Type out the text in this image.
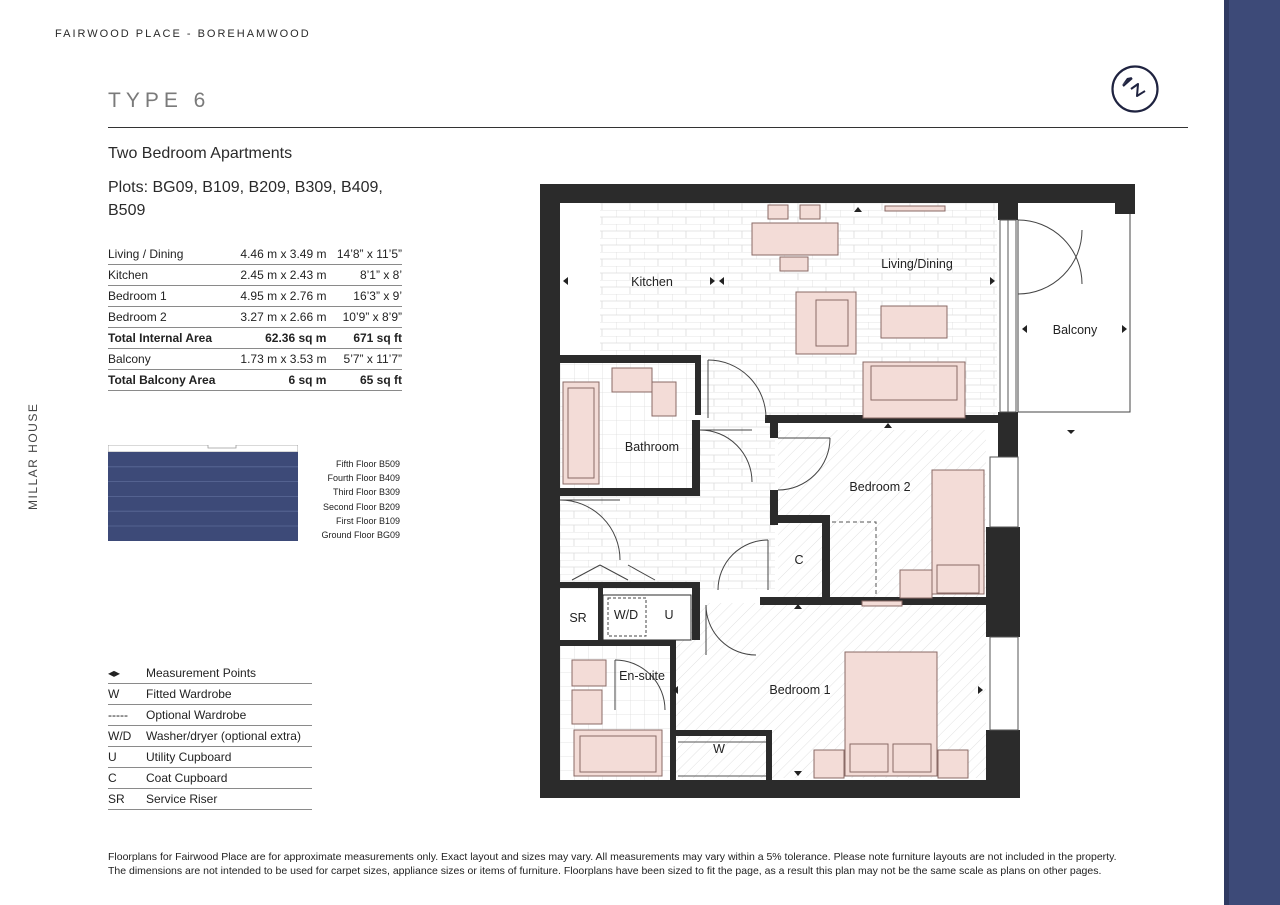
FAIRWOOD PLACE - BOREHAMWOOD
TYPE 6
Two Bedroom Apartments
Plots: BG09, B109, B209, B309, B409, B509
Living / Dining	4.46 m x 3.49 m	14’8” x 11’5”
Kitchen	2.45 m x 2.43 m	8’1” x 8’
Bedroom 1	4.95 m x 2.76 m	16’3” x 9’
Bedroom 2	3.27 m x 2.66 m	10’9” x 8’9”
Total Internal Area	62.36 sq m	671 sq ft
Balcony	1.73 m x 3.53 m	5’7” x 11’7”
Total Balcony Area	6 sq m	65 sq ft
MILLAR HOUSE	Fifth Floor B509
Fourth Floor B409
Third Floor B309
Second Floor B209
First Floor B109
Ground Floor BG09
Kitchen
Living/Dining
Balcony
Bathroom
Bedroom 2
C
SR W/D U
En-suite
Bedroom 1
W
◂▸	Measurement Points
W	Fitted Wardrobe
-----	Optional Wardrobe
W/D	Washer/dryer (optional extra)
U	Utility Cupboard
C	Coat Cupboard
SR	Service Riser
Floorplans for Fairwood Place are for approximate measurements only. Exact layout and sizes may vary. All measurements may vary within a 5% tolerance. Please note furniture layouts are not included in the property.
The dimensions are not intended to be used for carpet sizes, appliance sizes or items of furniture. Floorplans have been sized to fit the page, as a result this plan may not be the same scale as plans on other pages.
